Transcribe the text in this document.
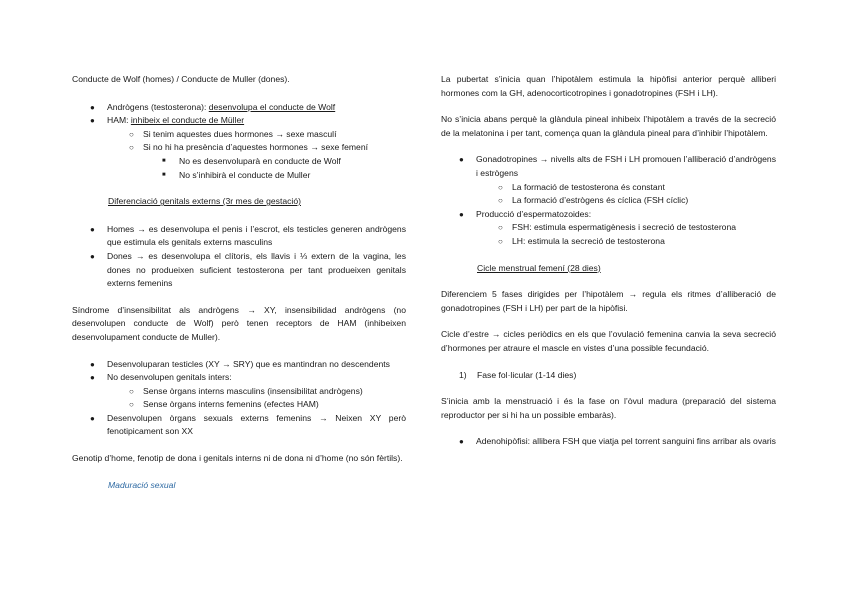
Conducte de Wolf (homes) / Conducte de Muller (dones).

● Andrògens (testosterona): desenvolupa el conducte de Wolf
● HAM: inhibeix el conducte de Müller
○ Si tenim aquestes dues hormones → sexe masculí
○ Si no hi ha presència d’aquestes hormones → sexe femení
■ No es desenvoluparà en conducte de Wolf
■ No s’inhibirà el conducte de Muller

Diferenciació genitals externs (3r mes de gestació)

● Homes → es desenvolupa el penis i l’escrot, els testicles generen andrògens que estimula els genitals externs masculins
● Dones → es desenvolupa el clítoris, els llavis i ⅓ extern de la vagina, les dones no produeixen suficient testosterona per tant produeixen genitals externs femenins

Síndrome d’insensibilitat als andrògens → XY, insensibilidad andrògens (no desenvolupen conducte de Wolf) però tenen receptors de HAM (inhibeixen desenvolupament conducte de Muller).

● Desenvoluparan testicles (XY → SRY) que es mantindran no descendents
● No desenvolupen genitals inters:
○ Sense òrgans interns masculins (insensibilitat andrògens)
○ Sense òrgans interns femenins (efectes HAM)
● Desenvolupen òrgans sexuals externs femenins → Neixen XY però fenotipicament son XX

Genotip d’home, fenotip de dona i genitals interns ni de dona ni d’home (no són fèrtils).

Maduració sexual

La pubertat s’inicia quan l’hipotàlem estimula la hipòfisi anterior perquè alliberi hormones com la GH, adenocorticotropines i gonadotropines (FSH i LH).

No s’inicia abans perquè la glàndula pineal inhibeix l’hipotàlem a través de la secreció de la melatonina i per tant, comença quan la glàndula pineal para d’inhibir l’hipotàlem.

● Gonadotropines → nivells alts de FSH i LH promouen l’alliberació d’andrògens i estrògens
○ La formació de testosterona és constant
○ La formació d’estrògens és cíclica (FSH cíclic)
● Producció d’espermatozoides:
○ FSH: estimula espermatigènesis i secreció de testosterona
○ LH: estimula la secreció de testosterona

Cicle menstrual femení (28 dies)

Diferenciem 5 fases dirigides per l’hipotàlem → regula els ritmes d’alliberació de gonadotropines (FSH i LH) per part de la hipòfisi.

Cicle d’estre → cicles periòdics en els que l’ovulació femenina canvia la seva secreció d’hormones per atraure el mascle en vistes d’una possible fecundació.

1) Fase fol·licular (1-14 dies)

S’inicia amb la menstruació i és la fase on l’òvul madura (preparació del sistema reproductor per si hi ha un possible embaràs).

● Adenohipòfisi: allibera FSH que viatja pel torrent sanguini fins arribar als ovaris
